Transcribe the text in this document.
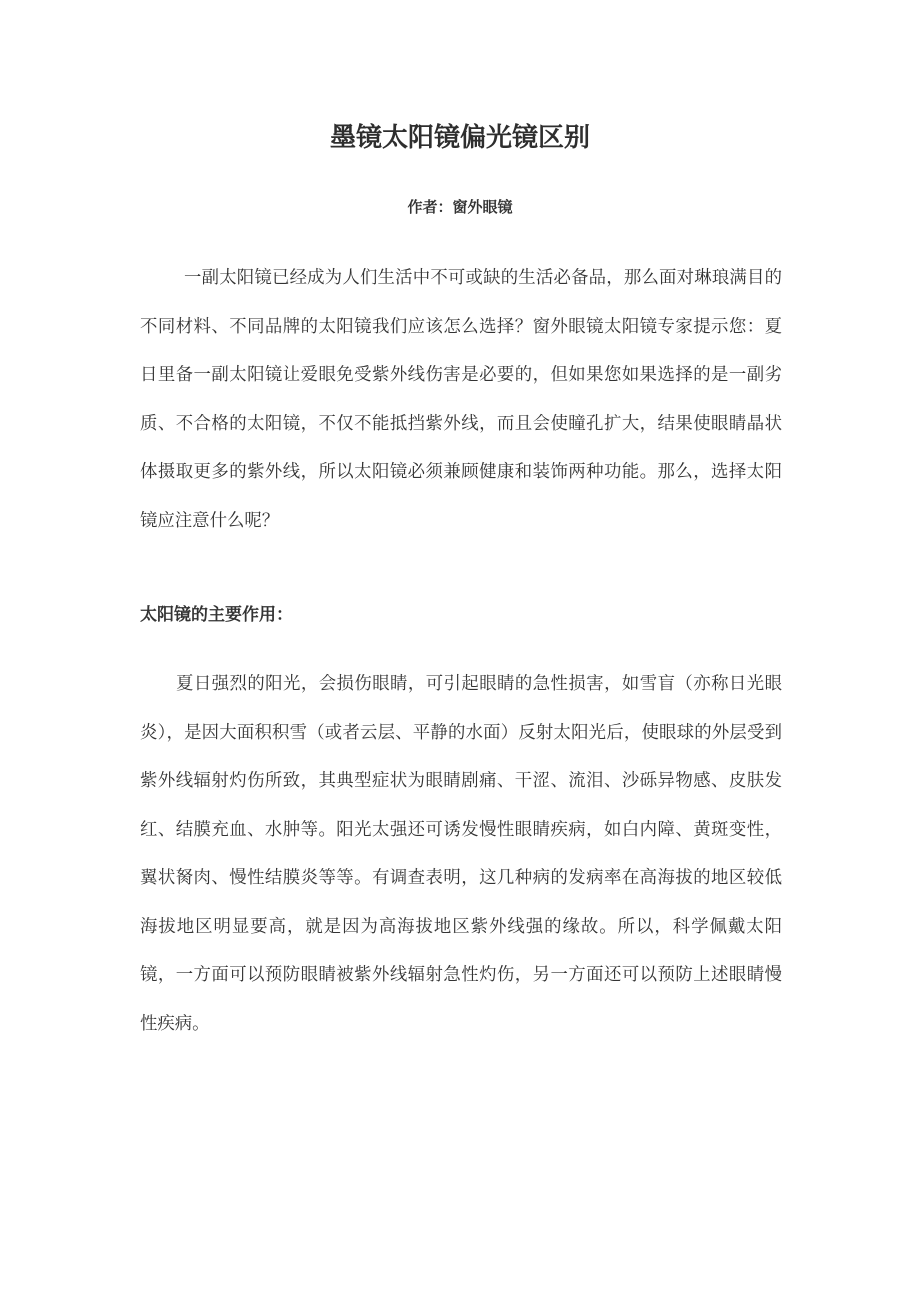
墨镜太阳镜偏光镜区别

作者：窗外眼镜

一副太阳镜已经成为人们生活中不可或缺的生活必备品，那么面对琳琅满目的不同材料、不同品牌的太阳镜我们应该怎么选择？窗外眼镜太阳镜专家提示您：夏日里备一副太阳镜让爱眼免受紫外线伤害是必要的，但如果您如果选择的是一副劣质、不合格的太阳镜，不仅不能抵挡紫外线，而且会使瞳孔扩大，结果使眼睛晶状体摄取更多的紫外线，所以太阳镜必须兼顾健康和装饰两种功能。那么，选择太阳镜应注意什么呢？

太阳镜的主要作用：

夏日强烈的阳光，会损伤眼睛，可引起眼睛的急性损害，如雪盲（亦称日光眼炎），是因大面积积雪（或者云层、平静的水面）反射太阳光后，使眼球的外层受到紫外线辐射灼伤所致，其典型症状为眼睛剧痛、干涩、流泪、沙砾异物感、皮肤发红、结膜充血、水肿等。阳光太强还可诱发慢性眼睛疾病，如白内障、黄斑变性，翼状胬肉、慢性结膜炎等等。有调查表明，这几种病的发病率在高海拔的地区较低海拔地区明显要高，就是因为高海拔地区紫外线强的缘故。所以，科学佩戴太阳镜，一方面可以预防眼睛被紫外线辐射急性灼伤，另一方面还可以预防上述眼睛慢性疾病。
